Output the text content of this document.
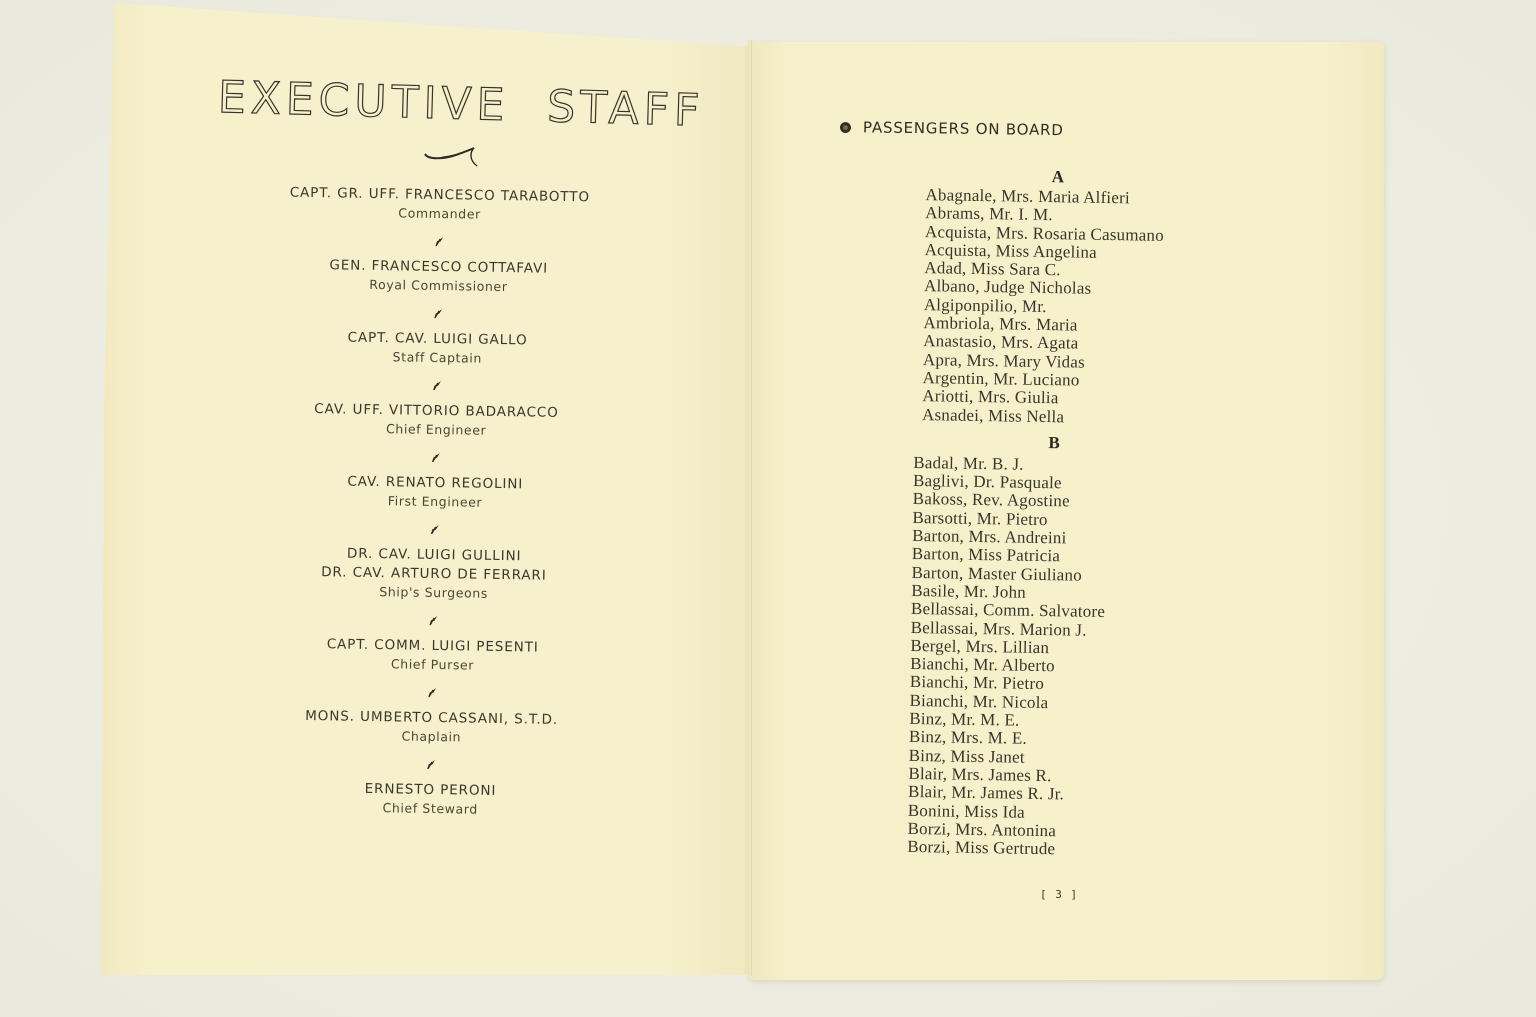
EXECUTIVE STAFF
CAPT. GR. UFF. FRANCESCO TARABOTTO
Commander
GEN. FRANCESCO COTTAFAVI
Royal Commissioner
CAPT. CAV. LUIGI GALLO
Staff Captain
CAV. UFF. VITTORIO BADARACCO
Chief Engineer
CAV. RENATO REGOLINI
First Engineer
DR. CAV. LUIGI GULLINI
DR. CAV. ARTURO DE FERRARI
Ship's Surgeons
CAPT. COMM. LUIGI PESENTI
Chief Purser
MONS. UMBERTO CASSANI, S.T.D.
Chaplain
ERNESTO PERONI
Chief Steward
PASSENGERS ON BOARD
A
Abagnale, Mrs. Maria Alfieri
Abrams, Mr. I. M.
Acquista, Mrs. Rosaria Casumano
Acquista, Miss Angelina
Adad, Miss Sara C.
Albano, Judge Nicholas
Algiponpilio, Mr.
Ambriola, Mrs. Maria
Anastasio, Mrs. Agata
Apra, Mrs. Mary Vidas
Argentin, Mr. Luciano
Ariotti, Mrs. Giulia
Asnadei, Miss Nella
B
Badal, Mr. B. J.
Baglivi, Dr. Pasquale
Bakoss, Rev. Agostine
Barsotti, Mr. Pietro
Barton, Mrs. Andreini
Barton, Miss Patricia
Barton, Master Giuliano
Basile, Mr. John
Bellassai, Comm. Salvatore
Bellassai, Mrs. Marion J.
Bergel, Mrs. Lillian
Bianchi, Mr. Alberto
Bianchi, Mr. Pietro
Bianchi, Mr. Nicola
Binz, Mr. M. E.
Binz, Mrs. M. E.
Binz, Miss Janet
Blair, Mrs. James R.
Blair, Mr. James R. Jr.
Bonini, Miss Ida
Borzi, Mrs. Antonina
Borzi, Miss Gertrude
[ 3 ]
